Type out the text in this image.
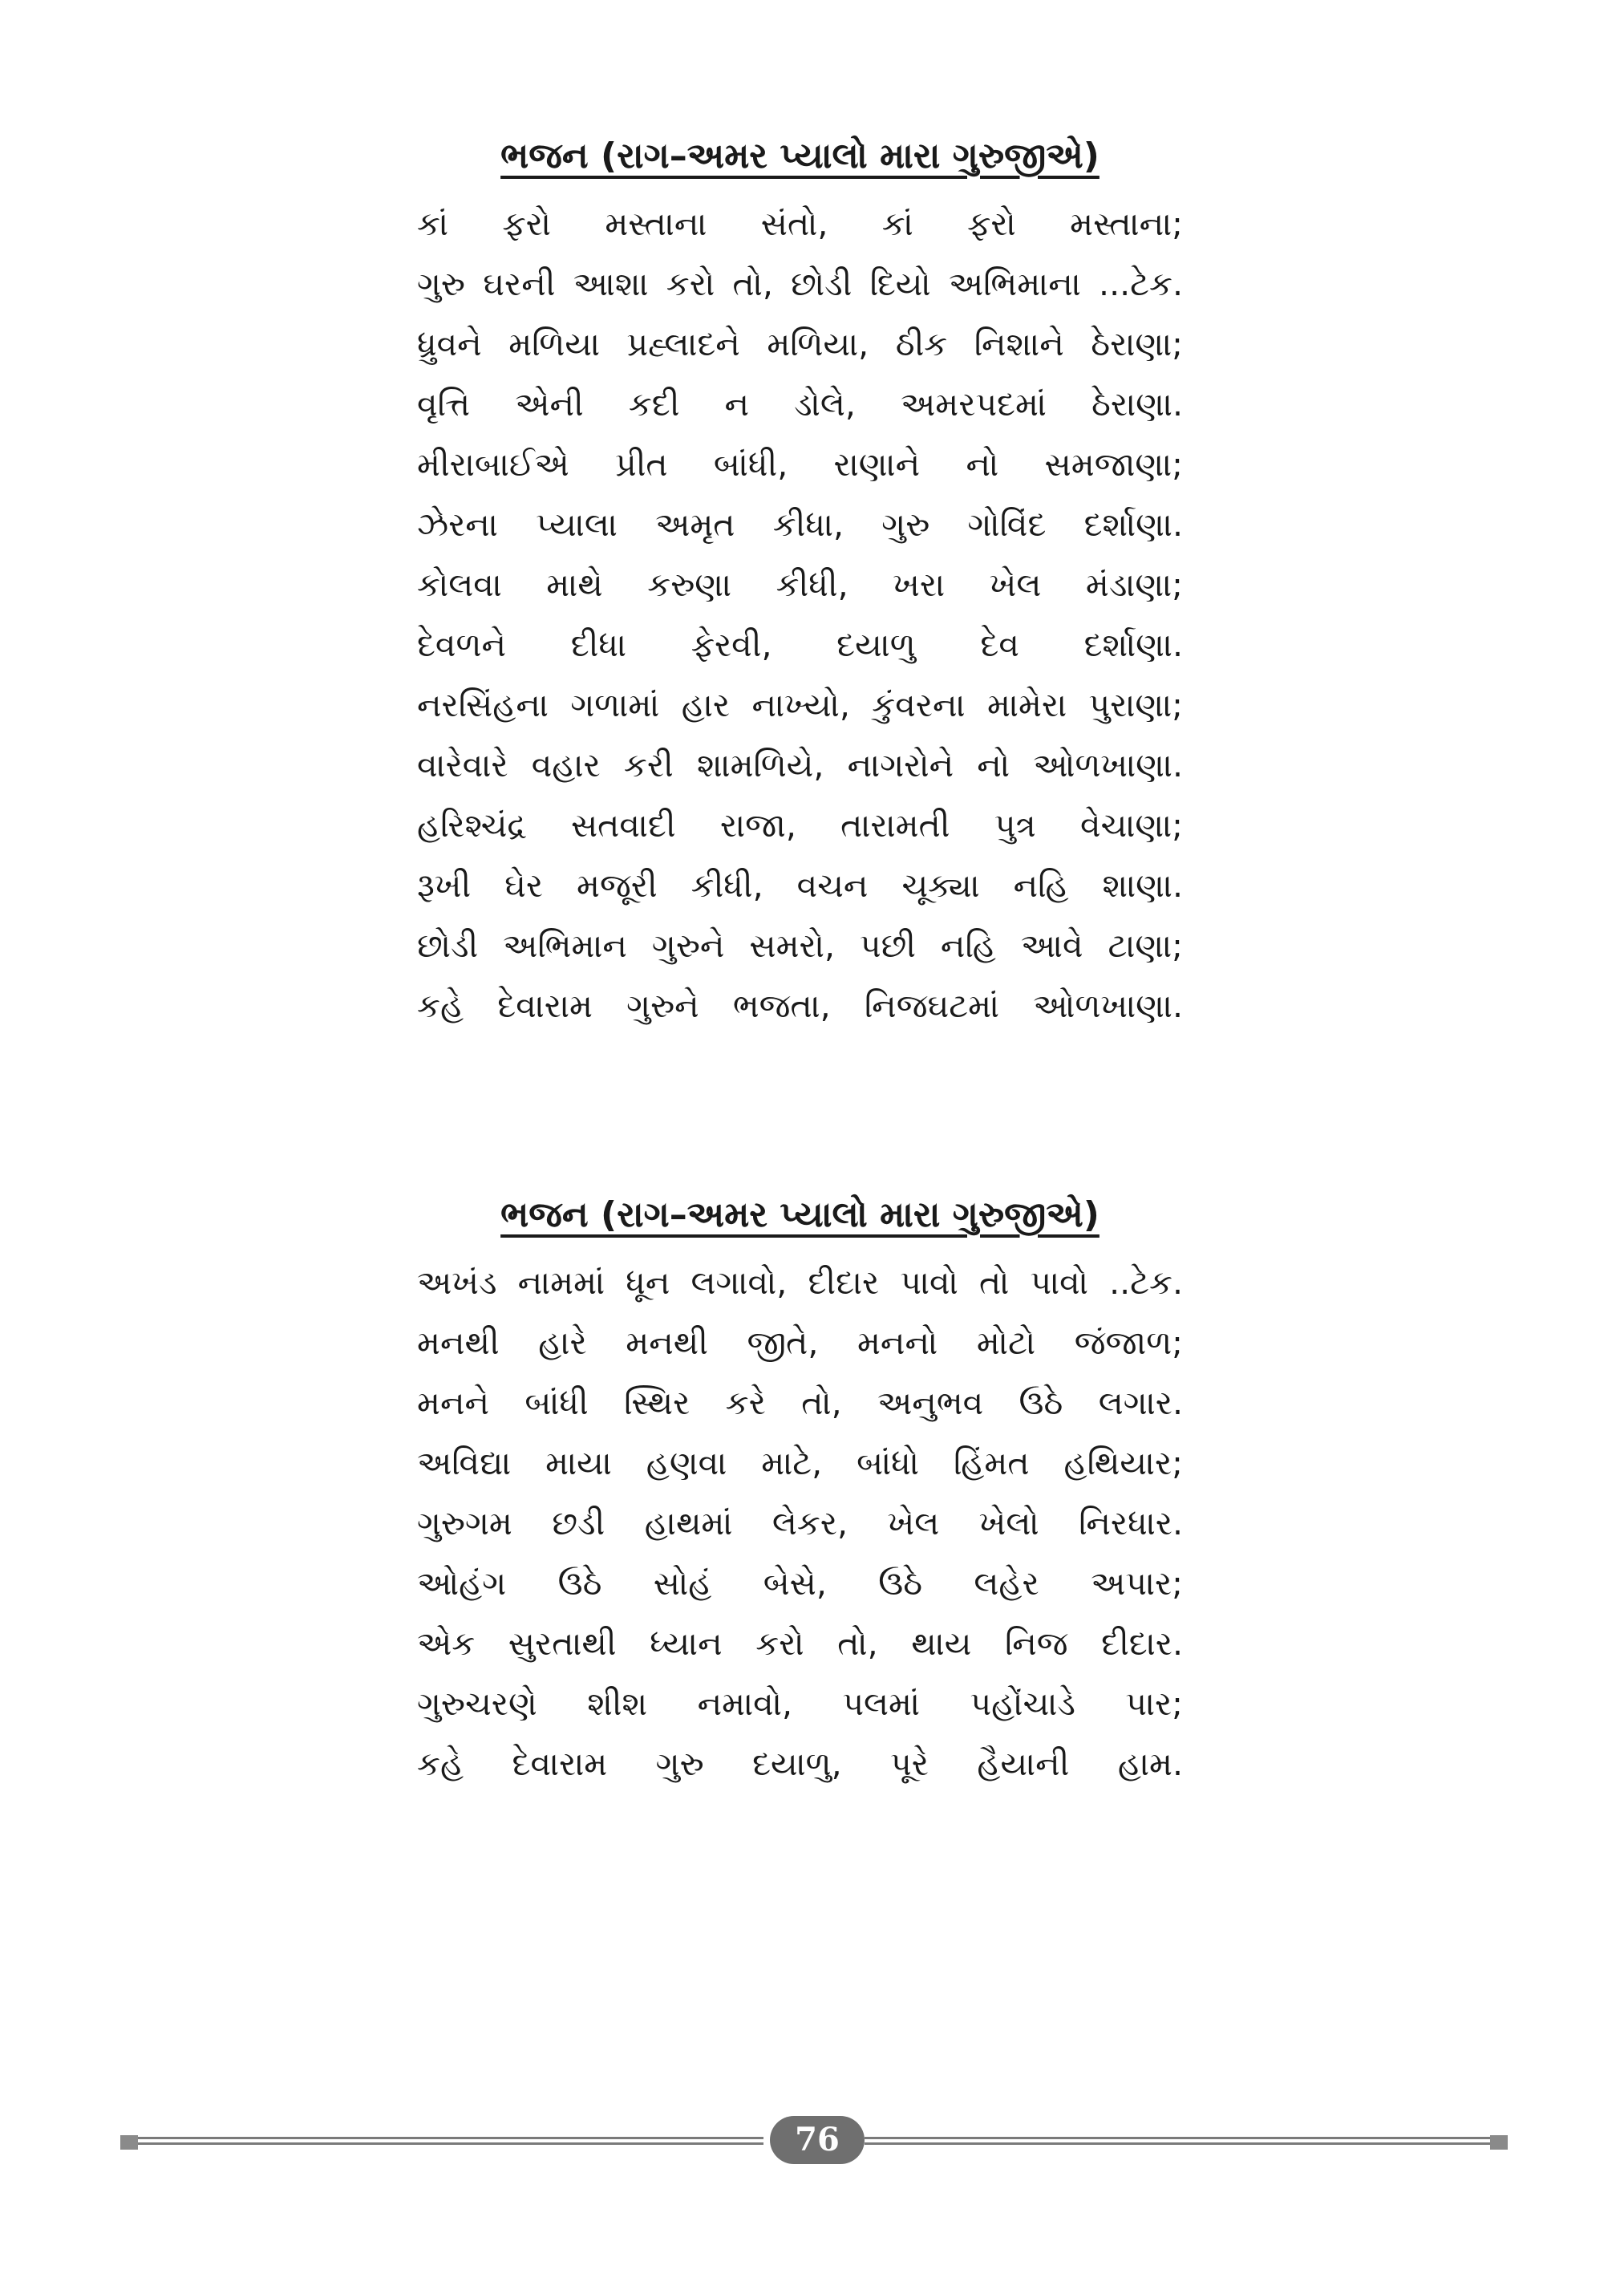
ભજન (રાગ–અમર પ્યાલો મારા ગુરુજીએ)
કાં ફરો મસ્તાના સંતો, કાં ફરો મસ્તાના;
ગુરુ ઘરની આશા કરો તો, છોડી દિયો અભિમાના ...ટેક.
ધ્રુવને મળિયા પ્રહ્લાદને મળિયા, ઠીક નિશાને ઠેરાણા;
વૃત્તિ એની કદી ન ડોલે, અમરપદમાં ઠેરાણા.
મીરાબાઈએ પ્રીત બાંધી, રાણાને નો સમજાણા;
ઝેરના પ્યાલા અમૃત કીધા, ગુરુ ગોવિંદ દર્શાણા.
કોલવા માથે કરુણા કીધી, ખરા ખેલ મંડાણા;
દેવળને દીધા ફેરવી, દયાળુ દેવ દર્શાણા.
નરસિંહના ગળામાં હાર નાખ્યો, કુંવરના મામેરા પુરાણા;
વારેવારે વહાર કરી શામળિયે, નાગરોને નો ઓળખાણા.
હરિશ્ચંદ્ર સતવાદી રાજા, તારામતી પુત્ર વેચાણા;
રૂખી ઘેર મજૂરી કીધી, વચન ચૂક્યા નહિ શાણા.
છોડી અભિમાન ગુરુને સમરો, પછી નહિ આવે ટાણા;
કહે દેવારામ ગુરુને ભજતા, નિજઘટમાં ઓળખાણા.
ભજન (રાગ–અમર પ્યાલો મારા ગુરુજીએ)
અખંડ નામમાં ધૂન લગાવો, દીદાર પાવો તો પાવો ..ટેક.
મનથી હારે મનથી જીતે, મનનો મોટો જંજાળ;
મનને બાંધી સ્થિર કરે તો, અનુભવ ઉઠે લગાર.
અવિદ્યા માયા હણવા માટે, બાંધો હિંમત હથિયાર;
ગુરુગમ છડી હાથમાં લેકર, ખેલ ખેલો નિરધાર.
ઓહંગ ઉઠે સોહં બેસે, ઉઠે લહેર અપાર;
એક સુરતાથી ધ્યાન કરો તો, થાય નિજ દીદાર.
ગુરુચરણે શીશ નમાવો, પલમાં પહોંચાડે પાર;
કહે દેવારામ ગુરુ દયાળુ, પૂરે હૈયાની હામ.
76
